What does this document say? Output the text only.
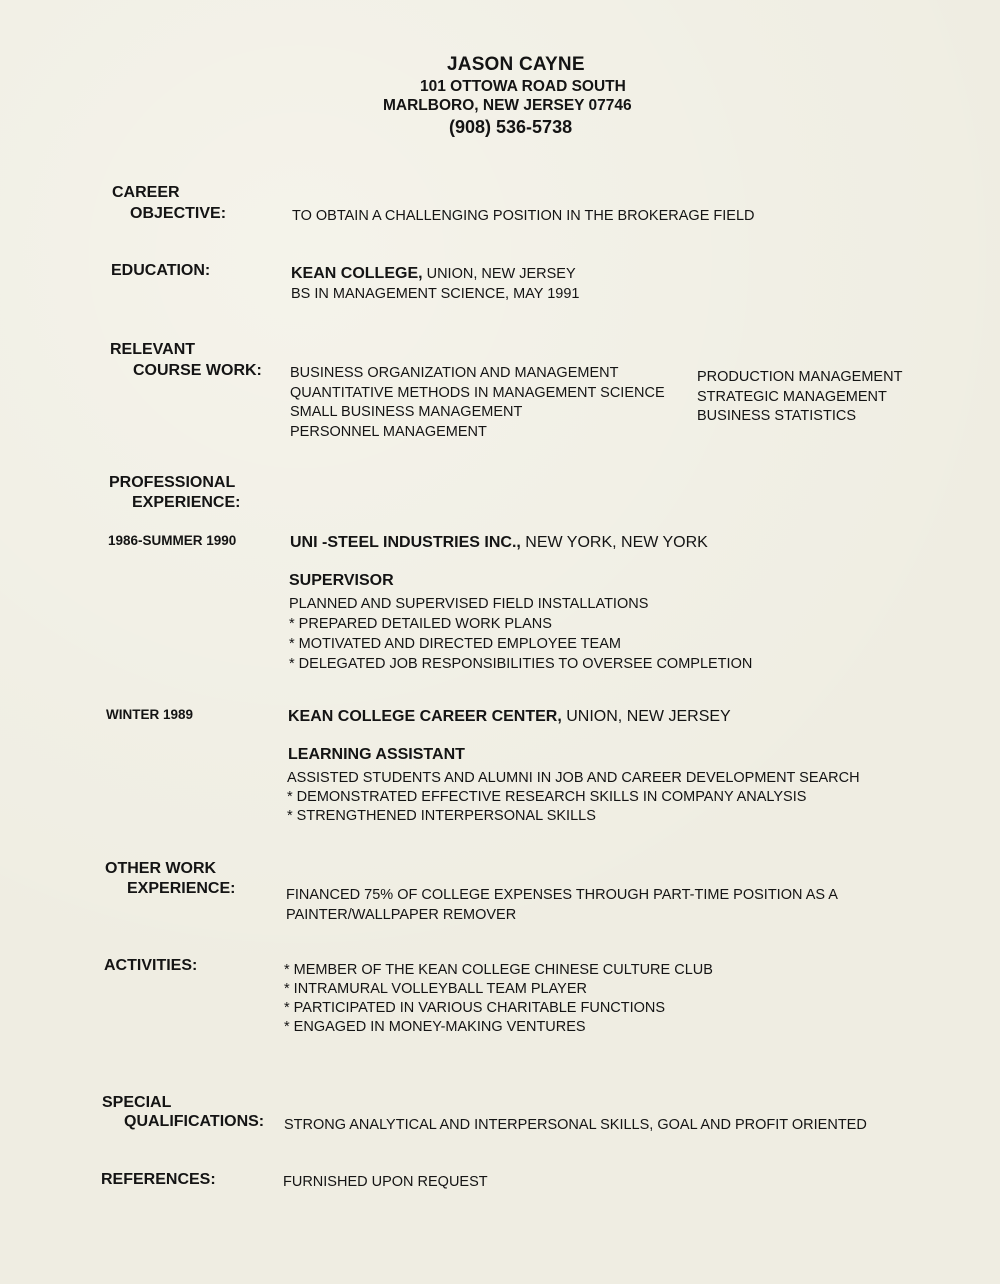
JASON CAYNE
101 OTTOWA ROAD SOUTH
MARLBORO, NEW JERSEY 07746
(908) 536-5738
CAREER
OBJECTIVE:	TO OBTAIN A CHALLENGING POSITION IN THE BROKERAGE FIELD
EDUCATION:	KEAN COLLEGE, UNION, NEW JERSEY
BS IN MANAGEMENT SCIENCE, MAY 1991
RELEVANT
COURSE WORK: BUSINESS ORGANIZATION AND MANAGEMENT
QUANTITATIVE METHODS IN MANAGEMENT SCIENCE
SMALL BUSINESS MANAGEMENT
PERSONNEL MANAGEMENT
PRODUCTION MANAGEMENT
STRATEGIC MANAGEMENT
BUSINESS STATISTICS
PROFESSIONAL
EXPERIENCE:
1986-SUMMER 1990	UNI -STEEL INDUSTRIES INC., NEW YORK, NEW YORK
SUPERVISOR
PLANNED AND SUPERVISED FIELD INSTALLATIONS
* PREPARED DETAILED WORK PLANS
* MOTIVATED AND DIRECTED EMPLOYEE TEAM
* DELEGATED JOB RESPONSIBILITIES TO OVERSEE COMPLETION
WINTER 1989	KEAN COLLEGE CAREER CENTER, UNION, NEW JERSEY
LEARNING ASSISTANT
ASSISTED STUDENTS AND ALUMNI IN JOB AND CAREER DEVELOPMENT SEARCH
* DEMONSTRATED EFFECTIVE RESEARCH SKILLS IN COMPANY ANALYSIS
* STRENGTHENED INTERPERSONAL SKILLS
OTHER WORK
EXPERIENCE:	FINANCED 75% OF COLLEGE EXPENSES THROUGH PART-TIME POSITION AS A
PAINTER/WALLPAPER REMOVER
ACTIVITIES:	* MEMBER OF THE KEAN COLLEGE CHINESE CULTURE CLUB
* INTRAMURAL VOLLEYBALL TEAM PLAYER
* PARTICIPATED IN VARIOUS CHARITABLE FUNCTIONS
* ENGAGED IN MONEY-MAKING VENTURES
SPECIAL
QUALIFICATIONS: STRONG ANALYTICAL AND INTERPERSONAL SKILLS, GOAL AND PROFIT ORIENTED
REFERENCES:	FURNISHED UPON REQUEST
